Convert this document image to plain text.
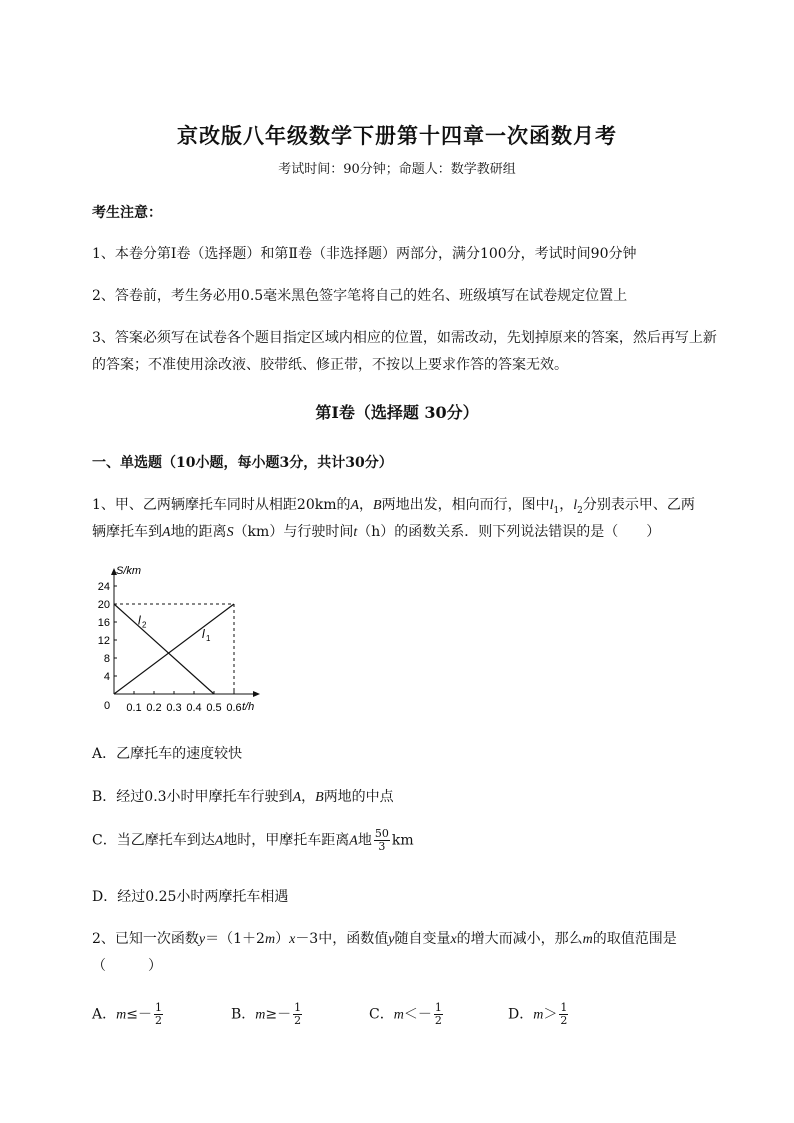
京改版八年级数学下册第十四章一次函数月考
考试时间：90分钟；命题人：数学教研组
考生注意：
1、本卷分第I卷（选择题）和第Ⅱ卷（非选择题）两部分，满分100分，考试时间90分钟
2、答卷前，考生务必用0.5毫米黑色签字笔将自己的姓名、班级填写在试卷规定位置上
3、答案必须写在试卷各个题目指定区域内相应的位置，如需改动，先划掉原来的答案，然后再写上新
的答案；不准使用涂改液、胶带纸、修正带，不按以上要求作答的答案无效。
第I卷（选择题 30分）
一、单选题（10小题，每小题3分，共计30分）
1、甲、乙两辆摩托车同时从相距20km的A，B两地出发，相向而行，图中$l_1$，$l_2$分别表示甲、乙两
辆摩托车到A地的距离S（km）与行驶时间t（h）的函数关系．则下列说法错误的是（　　）
0.1 0.2 0.3 0.4 0.5 0.6
4
8
12
16
20
24
0
S/km
t/h
l 2
l 1
A．乙摩托车的速度较快
B．经过0.3小时甲摩托车行驶到A，B两地的中点
C．当乙摩托车到达A地时，甲摩托车距离A地 $\frac{50}{3}$ km
D．经过0.25小时两摩托车相遇
2、已知一次函数y＝（1＋2m）x－3中，函数值y随自变量x的增大而减小，那么m的取值范围是
（　　　）
A．$m\le- \frac{1}{2}$	B．$m\ge- \frac{1}{2}$	C．$m<- \frac{1}{2}$	D．$m> \frac{1}{2}$
